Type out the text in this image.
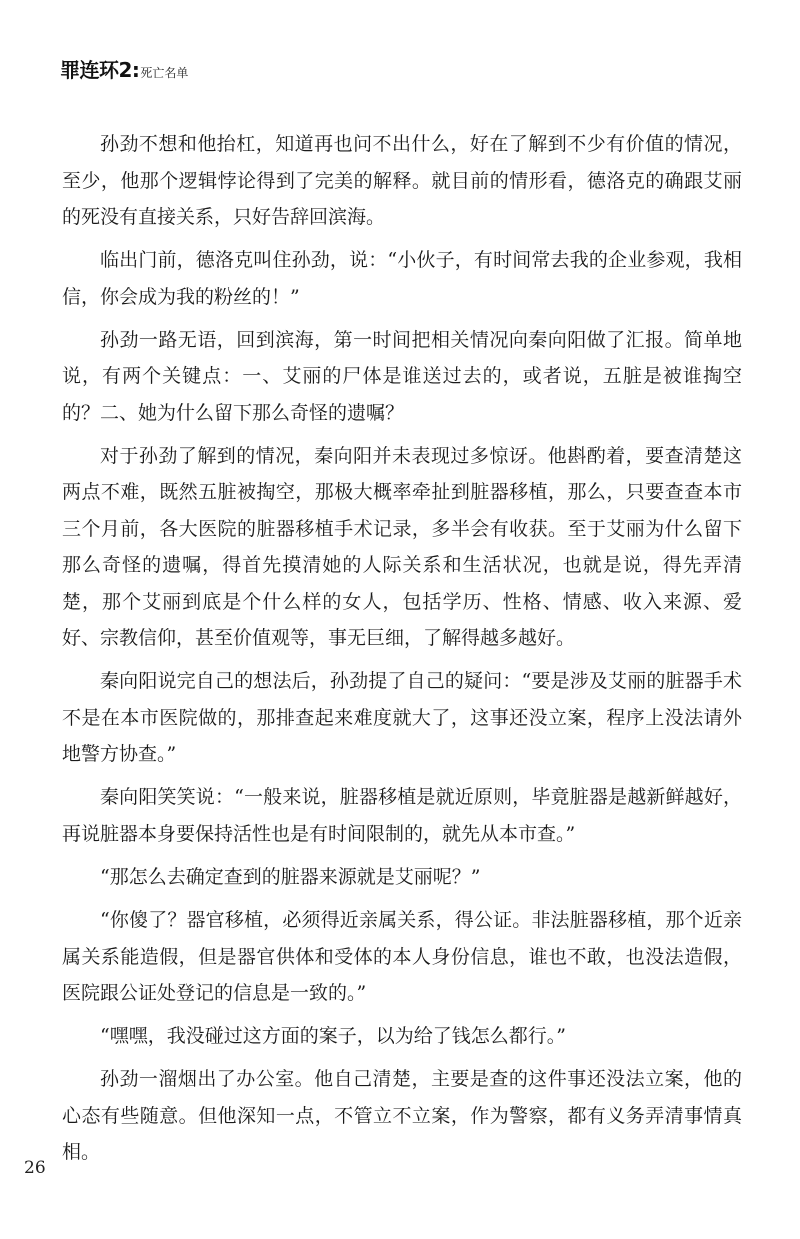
罪连环2: 死亡名单

孙劲不想和他抬杠，知道再也问不出什么，好在了解到不少有价值的情况，至少，他那个逻辑悖论得到了完美的解释。就目前的情形看，德洛克的确跟艾丽的死没有直接关系，只好告辞回滨海。

临出门前，德洛克叫住孙劲，说：“小伙子，有时间常去我的企业参观，我相信，你会成为我的粉丝的！”

孙劲一路无语，回到滨海，第一时间把相关情况向秦向阳做了汇报。简单地说，有两个关键点：一、艾丽的尸体是谁送过去的，或者说，五脏是被谁掏空的？二、她为什么留下那么奇怪的遗嘱？

对于孙劲了解到的情况，秦向阳并未表现过多惊讶。他斟酌着，要查清楚这两点不难，既然五脏被掏空，那极大概率牵扯到脏器移植，那么，只要查查本市三个月前，各大医院的脏器移植手术记录，多半会有收获。至于艾丽为什么留下那么奇怪的遗嘱，得首先摸清她的人际关系和生活状况，也就是说，得先弄清楚，那个艾丽到底是个什么样的女人，包括学历、性格、情感、收入来源、爱好、宗教信仰，甚至价值观等，事无巨细，了解得越多越好。

秦向阳说完自己的想法后，孙劲提了自己的疑问：“要是涉及艾丽的脏器手术不是在本市医院做的，那排查起来难度就大了，这事还没立案，程序上没法请外地警方协查。”

秦向阳笑笑说：“一般来说，脏器移植是就近原则，毕竟脏器是越新鲜越好，再说脏器本身要保持活性也是有时间限制的，就先从本市查。”

“那怎么去确定查到的脏器来源就是艾丽呢？”

“你傻了？器官移植，必须得近亲属关系，得公证。非法脏器移植，那个近亲属关系能造假，但是器官供体和受体的本人身份信息，谁也不敢，也没法造假，医院跟公证处登记的信息是一致的。”

“嘿嘿，我没碰过这方面的案子，以为给了钱怎么都行。”

孙劲一溜烟出了办公室。他自己清楚，主要是查的这件事还没法立案，他的心态有些随意。但他深知一点，不管立不立案，作为警察，都有义务弄清事情真相。

26
